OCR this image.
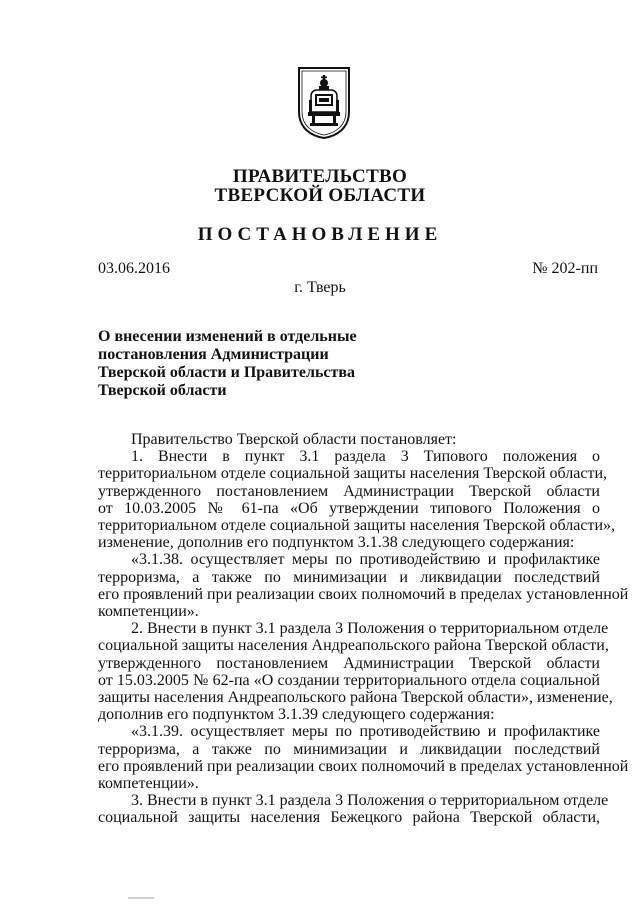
ПРАВИТЕЛЬСТВО
ТВЕРСКОЙ ОБЛАСТИ
ПОСТАНОВЛЕНИЕ
03.06.2016	№ 202-пп
г. Тверь
О внесении изменений в отдельные
постановления Администрации
Тверской области и Правительства
Тверской области
Правительство Тверской области постановляет:
1. Внести в пункт 3.1 раздела 3 Типового положения о
территориальном отделе социальной защиты населения Тверской области,
утвержденного постановлением Администрации Тверской области
от 10.03.2005 № 61-па «Об утверждении типового Положения о
территориальном отделе социальной защиты населения Тверской области»,
изменение, дополнив его подпунктом 3.1.38 следующего содержания:
«3.1.38. осуществляет меры по противодействию и профилактике
терроризма, а также по минимизации и ликвидации последствий
его проявлений при реализации своих полномочий в пределах установленной
компетенции».
2. Внести в пункт 3.1 раздела 3 Положения о территориальном отделе
социальной защиты населения Андреапольского района Тверской области,
утвержденного постановлением Администрации Тверской области
от 15.03.2005 № 62-па «О создании территориального отдела социальной
защиты населения Андреапольского района Тверской области», изменение,
дополнив его подпунктом 3.1.39 следующего содержания:
«3.1.39. осуществляет меры по противодействию и профилактике
терроризма, а также по минимизации и ликвидации последствий
его проявлений при реализации своих полномочий в пределах установленной
компетенции».
3. Внести в пункт 3.1 раздела 3 Положения о территориальном отделе
социальной защиты населения Бежецкого района Тверской области,
